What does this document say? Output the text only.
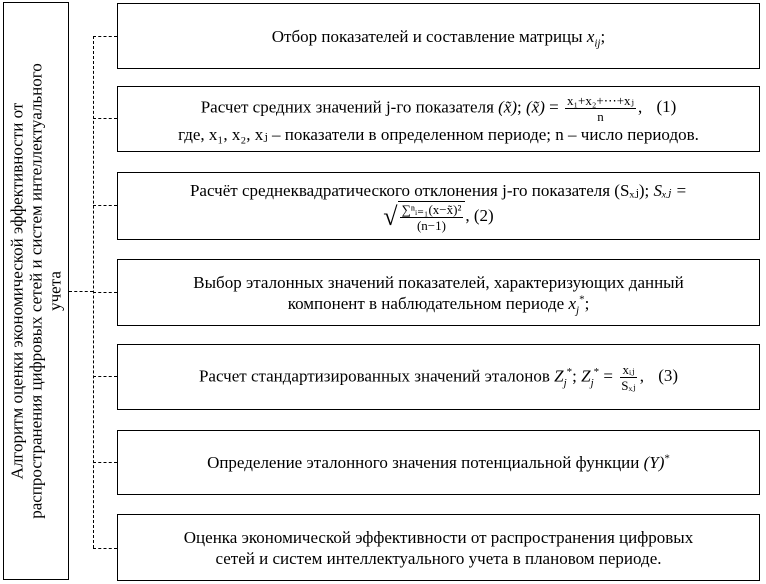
Алгоритм оценки экономической эффективности от
распространения цифровых сетей и систем интеллектуального
учета
Отбор показателей и составление матрицы $x_{ij}$;
Расчет средних значений j-го показателя (x̃); (x̃) = $\frac{\text{x₁+x₂+⋯+xⱼ}}{n}$ , (1)
где, x₁, x₂, xⱼ – показатели в определенном периоде; n – число периодов.
Расчёт среднеквадратического отклонения j-го показателя (Sₓⱼ); Sₓⱼ =
√ $\frac{\text{∑ⁿᵢ₌₁(x−x̃)²}}{(n-1)}$ , (2)
Выбор эталонных значений показателей, характеризующих данный
компонент в наблюдательном периоде $x_j^*$;
Расчет стандартизированных значений эталонов $Z_j^*$; $Z_j^* = \frac{\text{xᵢⱼ}}{\text{Sₓⱼ}}$ , (3)
Определение эталонного значения потенциальной функции (Y)*
Оценка экономической эффективности от распространения цифровых
сетей и систем интеллектуального учета в плановом периоде.
